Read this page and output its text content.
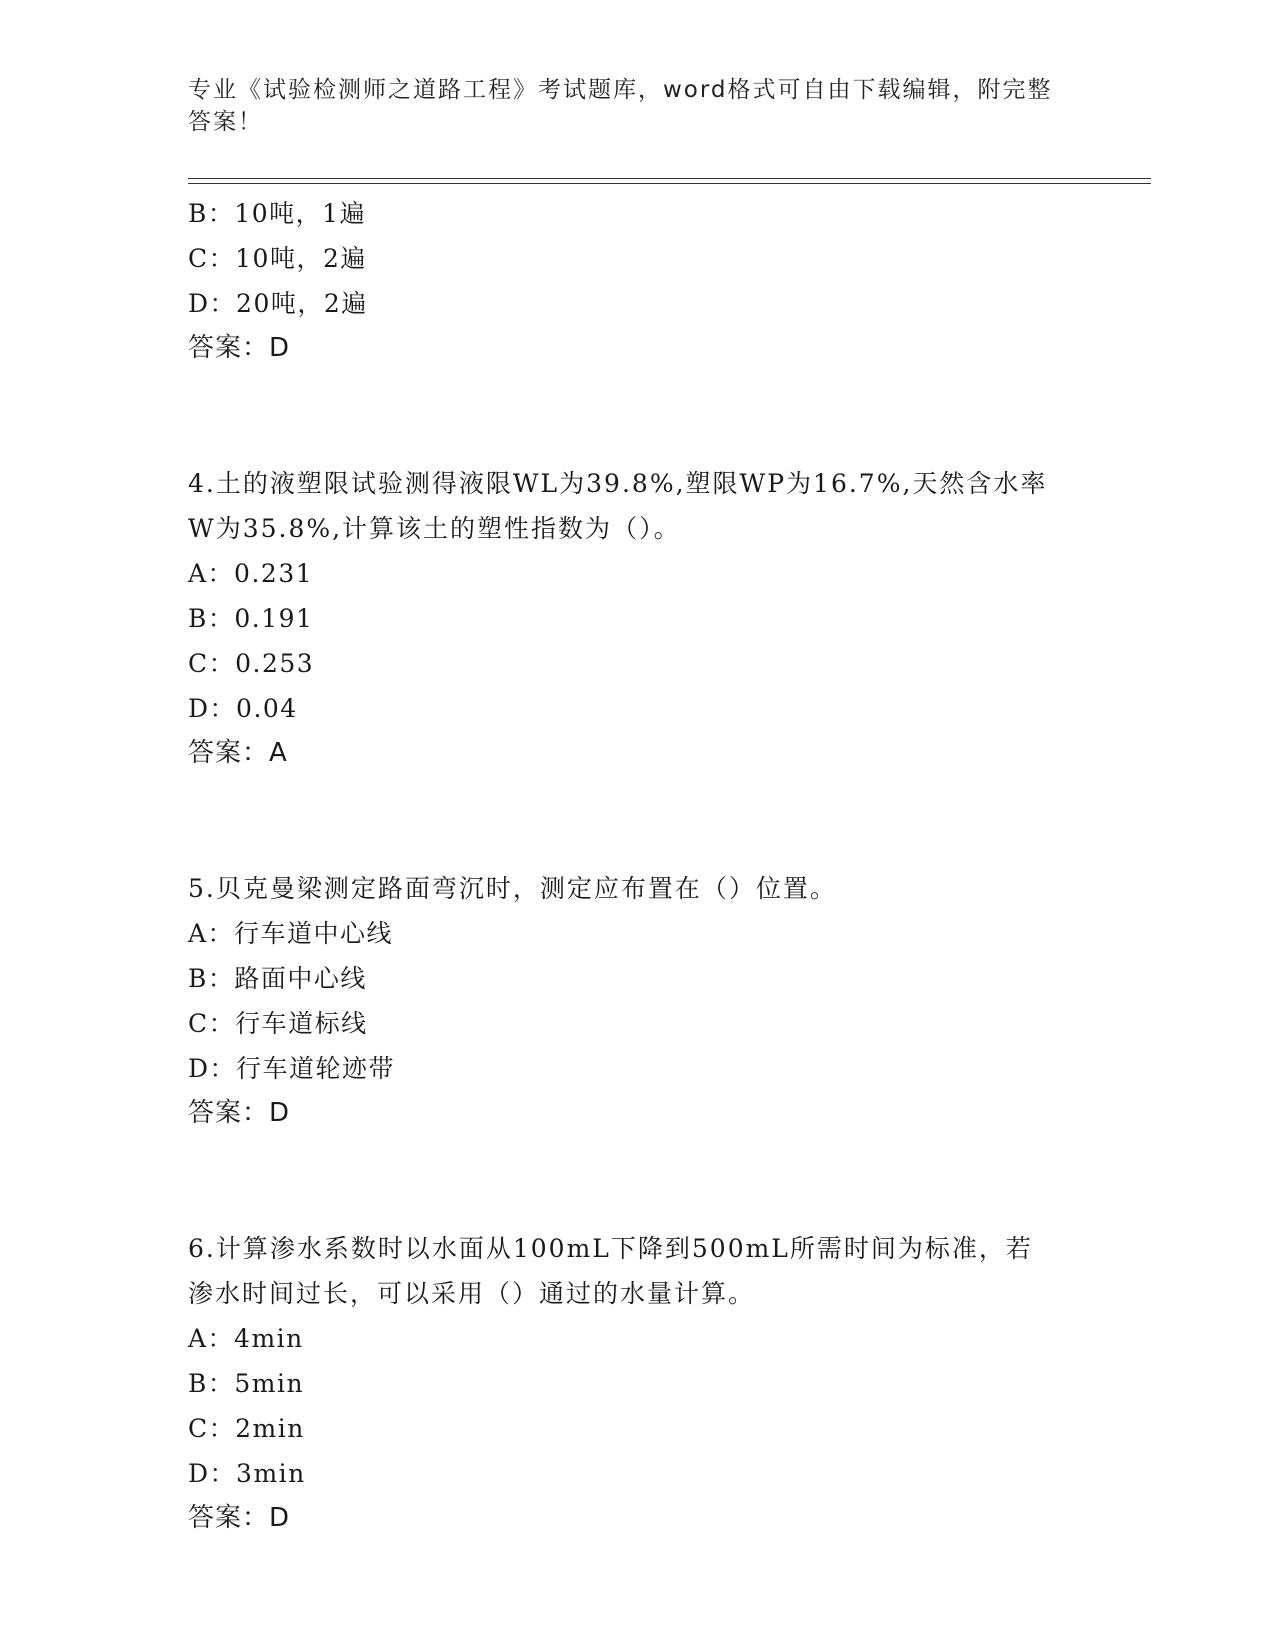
专业《试验检测师之道路工程》考试题库，word格式可自由下载编辑，附完整答案！
B：10吨，1遍
C：10吨，2遍
D：20吨，2遍
答案：D
4.土的液塑限试验测得液限WL为39.8%,塑限WP为16.7%,天然含水率
W为35.8%,计算该土的塑性指数为（）。
A：0.231
B：0.191
C：0.253
D：0.04
答案：A
5.贝克曼梁测定路面弯沉时，测定应布置在（）位置。
A：行车道中心线
B：路面中心线
C：行车道标线
D：行车道轮迹带
答案：D
6.计算渗水系数时以水面从100mL下降到500mL所需时间为标准，若
渗水时间过长，可以采用（）通过的水量计算。
A：4min
B：5min
C：2min
D：3min
答案：D
